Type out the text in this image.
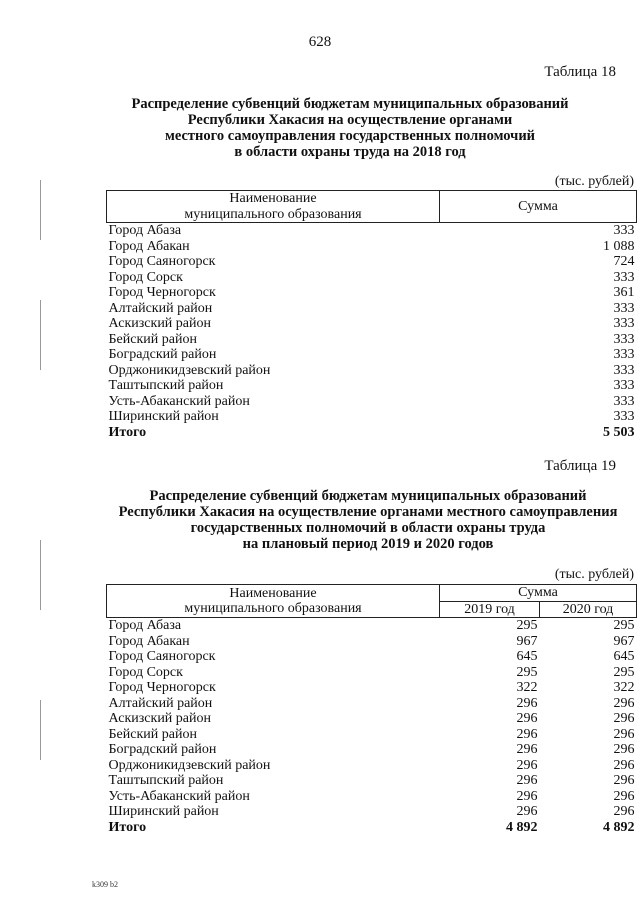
628
Таблица 18
Распределение субвенций бюджетам муниципальных образований
Республики Хакасия на осуществление органами
местного самоуправления государственных полномочий
в области охраны труда на 2018 год
(тыс. рублей)
Наименование
муниципального образования	Сумма
Город Абаза	333
Город Абакан	1 088
Город Саяногорск	724
Город Сорск	333
Город Черногорск	361
Алтайский район	333
Аскизский район	333
Бейский район	333
Боградский район	333
Орджоникидзевский район	333
Таштыпский район	333
Усть-Абаканский район	333
Ширинский район	333
Итого	5 503
Таблица 19
Распределение субвенций бюджетам муниципальных образований
Республики Хакасия на осуществление органами местного самоуправления
государственных полномочий в области охраны труда
на плановый период 2019 и 2020 годов
(тыс. рублей)
Наименование
муниципального образования	Сумма	
	2019 год	2020 год
Город Абаза	295	295
Город Абакан	967	967
Город Саяногорск	645	645
Город Сорск	295	295
Город Черногорск	322	322
Алтайский район	296	296
Аскизский район	296	296
Бейский район	296	296
Боградский район	296	296
Орджоникидзевский район	296	296
Таштыпский район	296	296
Усть-Абаканский район	296	296
Ширинский район	296	296
Итого	4 892	4 892
k309 b2
